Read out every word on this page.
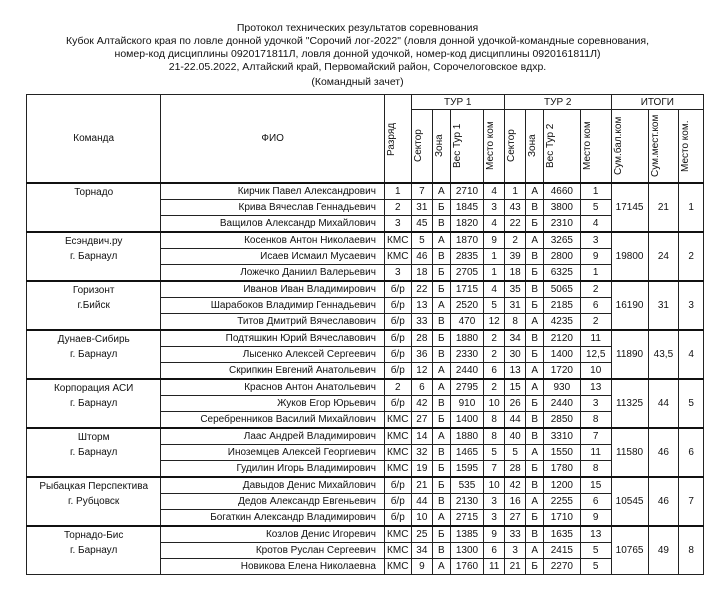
Протокол технических результатов соревнования
Кубок Алтайского края по ловле донной удочкой "Сорочий лог-2022" (ловля донной удочкой-командные соревнования,
номер-код дисциплины 0920171811Л, ловля донной удочкой, номер-код дисциплины 0920161811Л)
21-22.05.2022, Алтайский край, Первомайский район, Сорочелоговское вдхр.
(Командный зачет)
Команда	ФИО	Разряд	ТУР 1				ТУР 2				ИТОГИ		

			Сектор	Зона	Вес Тур 1	Место ком	Сектор	Зона	Вес Тур 2	Место ком	Сум.бал.ком	Сум.мест.ком	Место ком.

Торнадо	Кирчик Павел Александрович	1	7	А	2710	4	1	А	4660	1	17145	21	1
	Крива Вячеслав Геннадьевич	2	31	Б	1845	3	43	В	3800	5			
	Ващилов Александр Михайлович	3	45	В	1820	4	22	Б	2310	4			

Есэндвич.ру
г. Барнаул	Косенков Антон Николаевич	КМС	5	А	1870	9	2	А	3265	3	19800	24	2
	Исаев Исмаил Мусаевич	КМС	46	В	2835	1	39	В	2800	9			
	Ложечко Даниил Валерьевич	3	18	Б	2705	1	18	Б	6325	1			

Горизонт
г.Бийск	Иванов Иван Владимирович	б/р	22	Б	1715	4	35	В	5065	2	16190	31	3
	Шарабоков Владимир Геннадьевич	б/р	13	А	2520	5	31	Б	2185	6			
	Титов Дмитрий Вячеславович	б/р	33	В	470	12	8	А	4235	2			

Дунаев-Сибирь
г. Барнаул	Подтяшкин Юрий Вячеславович	б/р	28	Б	1880	2	34	В	2120	11	11890	43,5	4
	Лысенко Алексей Сергеевич	б/р	36	В	2330	2	30	Б	1400	12,5			
	Скрипкин Евгений Анатольевич	б/р	12	А	2440	6	13	А	1720	10			

Корпорация АСИ
г. Барнаул	Краснов Антон Анатольевич	2	6	А	2795	2	15	А	930	13	11325	44	5
	Жуков Егор Юрьевич	б/р	42	В	910	10	26	Б	2440	3			
	Серебренников Василий Михайлович	КМС	27	Б	1400	8	44	В	2850	8			

Шторм
г. Барнаул	Лаас Андрей Владимирович	КМС	14	А	1880	8	40	В	3310	7	11580	46	6
	Иноземцев Алексей Георгиевич	КМС	32	В	1465	5	5	А	1550	11			
	Гудилин Игорь Владимирович	КМС	19	Б	1595	7	28	Б	1780	8			

Рыбацкая Перспектива
г. Рубцовск	Давыдов Денис Михайлович	б/р	21	Б	535	10	42	В	1200	15	10545	46	7
	Дедов Александр Евгеньевич	б/р	44	В	2130	3	16	А	2255	6			
	Богаткин Александр Владимирович	б/р	10	А	2715	3	27	Б	1710	9			

Торнадо-Бис
г. Барнаул	Козлов Денис Игоревич	КМС	25	Б	1385	9	33	В	1635	13	10765	49	8
	Кротов Руслан Сергеевич	КМС	34	В	1300	6	3	А	2415	5			
	Новикова Елена Николаевна	КМС	9	А	1760	11	21	Б	2270	5			
